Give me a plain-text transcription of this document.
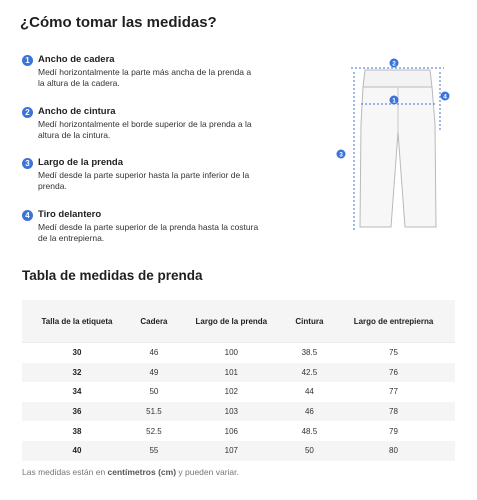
¿Cómo tomar las medidas?
1 Ancho de cadera
Medí horizontalmente la parte más ancha de la prenda a
la altura de la cadera.
2 Ancho de cintura
Medí horizontalmente el borde superior de la prenda a la
altura de la cintura.
3 Largo de la prenda
Medí desde la parte superior hasta la parte inferior de la
prenda.
4 Tiro delantero
Medí desde la parte superior de la prenda hasta la costura
de la entrepierna.
2
1
4
3
Tabla de medidas de prenda
Talla de la etiqueta	Cadera	Largo de la prenda	Cintura	Largo de entrepierna
30	46	100	38.5	75
32	49	101	42.5	76
34	50	102	44	77
36	51.5	103	46	78
38	52.5	106	48.5	79
40	55	107	50	80
Las medidas están en centímetros (cm) y pueden variar.
